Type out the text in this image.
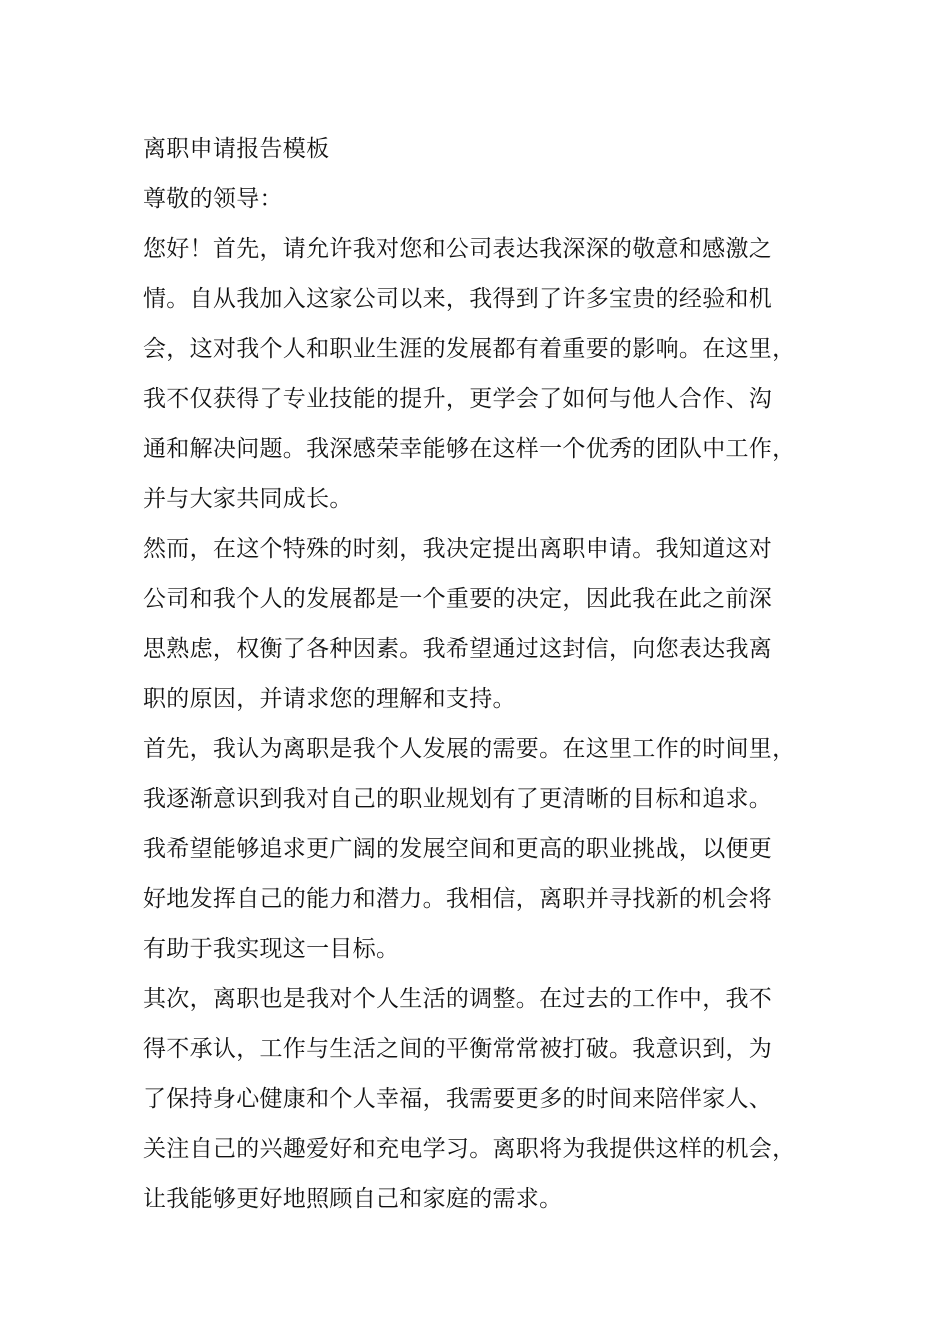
离职申请报告模板
尊敬的领导：
您好！首先，请允许我对您和公司表达我深深的敬意和感激之
情。自从我加入这家公司以来，我得到了许多宝贵的经验和机
会，这对我个人和职业生涯的发展都有着重要的影响。在这里，
我不仅获得了专业技能的提升，更学会了如何与他人合作、沟
通和解决问题。我深感荣幸能够在这样一个优秀的团队中工作，
并与大家共同成长。
然而，在这个特殊的时刻，我决定提出离职申请。我知道这对
公司和我个人的发展都是一个重要的决定，因此我在此之前深
思熟虑，权衡了各种因素。我希望通过这封信，向您表达我离
职的原因，并请求您的理解和支持。
首先，我认为离职是我个人发展的需要。在这里工作的时间里，
我逐渐意识到我对自己的职业规划有了更清晰的目标和追求。
我希望能够追求更广阔的发展空间和更高的职业挑战，以便更
好地发挥自己的能力和潜力。我相信，离职并寻找新的机会将
有助于我实现这一目标。
其次，离职也是我对个人生活的调整。在过去的工作中，我不
得不承认，工作与生活之间的平衡常常被打破。我意识到，为
了保持身心健康和个人幸福，我需要更多的时间来陪伴家人、
关注自己的兴趣爱好和充电学习。离职将为我提供这样的机会，
让我能够更好地照顾自己和家庭的需求。
